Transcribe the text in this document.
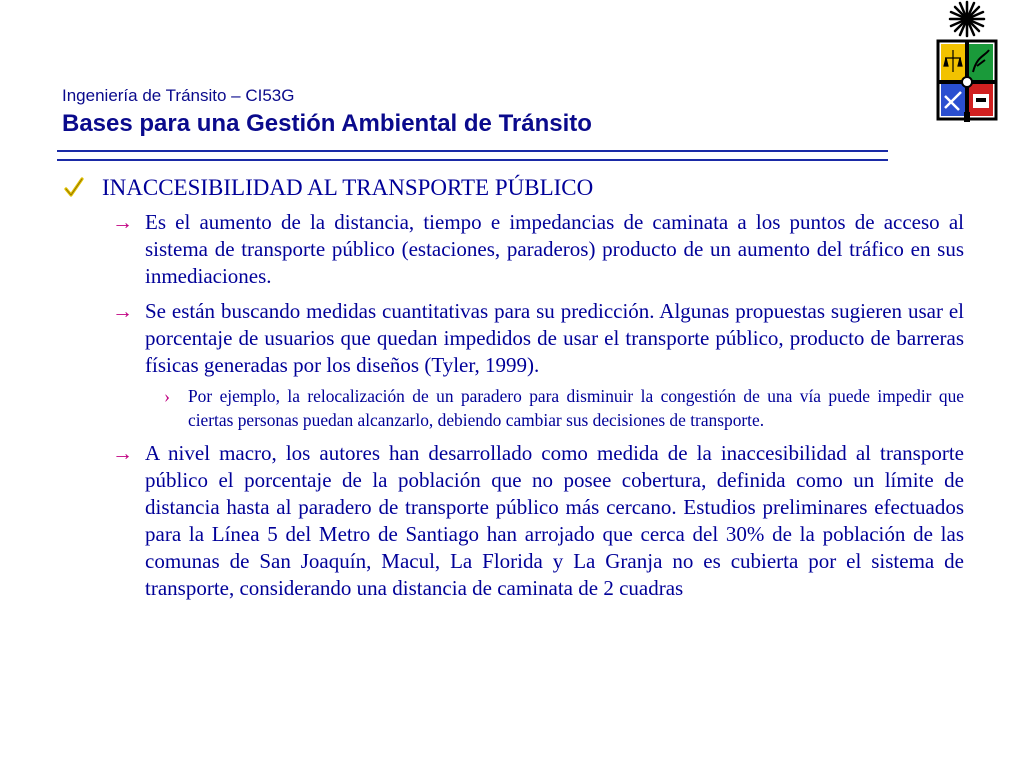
Ingeniería de Tránsito – CI53G
Bases para una Gestión Ambiental de Tránsito
INACCESIBILIDAD AL TRANSPORTE PÚBLICO
→ Es el aumento de la distancia, tiempo e impedancias de caminata a los puntos de acceso al sistema de transporte público (estaciones, paraderos) producto de un aumento del tráfico en sus inmediaciones.
→ Se están buscando medidas cuantitativas para su predicción. Algunas propuestas sugieren usar el porcentaje de usuarios que quedan impedidos de usar el transporte público, producto de barreras físicas generadas por los diseños (Tyler, 1999).
› Por ejemplo, la relocalización de un paradero para disminuir la congestión de una vía puede impedir que ciertas personas puedan alcanzarlo, debiendo cambiar sus decisiones de transporte.
→ A nivel macro, los autores han desarrollado como medida de la inaccesibilidad al transporte público el porcentaje de la población que no posee cobertura, definida como un límite de distancia hasta al paradero de transporte público más cercano. Estudios preliminares efectuados para la Línea 5 del Metro de Santiago han arrojado que cerca del 30% de la población de las comunas de San Joaquín, Macul, La Florida y La Granja no es cubierta por el sistema de transporte, considerando una distancia de caminata de 2 cuadras
